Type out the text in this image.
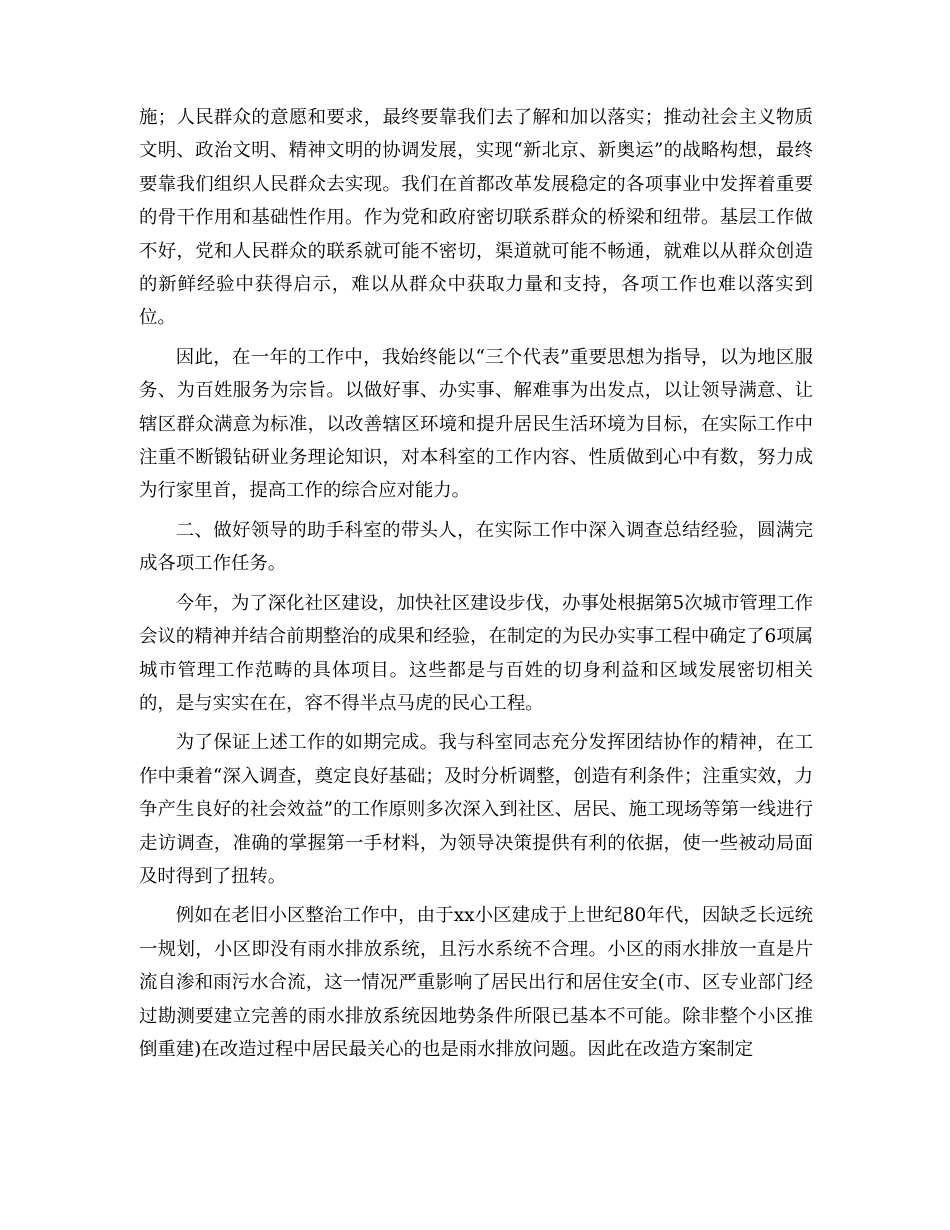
施；人民群众的意愿和要求，最终要靠我们去了解和加以落实；推动社会主义物质文明、政治文明、精神文明的协调发展，实现“新北京、新奥运”的战略构想，最终要靠我们组织人民群众去实现。我们在首都改革发展稳定的各项事业中发挥着重要的骨干作用和基础性作用。作为党和政府密切联系群众的桥梁和纽带。基层工作做不好，党和人民群众的联系就可能不密切，渠道就可能不畅通，就难以从群众创造的新鲜经验中获得启示，难以从群众中获取力量和支持，各项工作也难以落实到位。

因此，在一年的工作中，我始终能以“三个代表”重要思想为指导，以为地区服务、为百姓服务为宗旨。以做好事、办实事、解难事为出发点，以让领导满意、让辖区群众满意为标准，以改善辖区环境和提升居民生活环境为目标，在实际工作中注重不断锻钻研业务理论知识，对本科室的工作内容、性质做到心中有数，努力成为行家里首，提高工作的综合应对能力。

二、做好领导的助手科室的带头人，在实际工作中深入调查总结经验，圆满完成各项工作任务。

今年，为了深化社区建设，加快社区建设步伐，办事处根据第5次城市管理工作会议的精神并结合前期整治的成果和经验，在制定的为民办实事工程中确定了6项属城市管理工作范畴的具体项目。这些都是与百姓的切身利益和区域发展密切相关的，是与实实在在，容不得半点马虎的民心工程。

为了保证上述工作的如期完成。我与科室同志充分发挥团结协作的精神，在工作中秉着“深入调查，奠定良好基础；及时分析调整，创造有利条件；注重实效，力争产生良好的社会效益”的工作原则多次深入到社区、居民、施工现场等第一线进行走访调查，准确的掌握第一手材料，为领导决策提供有利的依据，使一些被动局面及时得到了扭转。

例如在老旧小区整治工作中，由于xx小区建成于上世纪80年代，因缺乏长远统一规划，小区即没有雨水排放系统，且污水系统不合理。小区的雨水排放一直是片流自渗和雨污水合流，这一情况严重影响了居民出行和居住安全(市、区专业部门经过勘测要建立完善的雨水排放系统因地势条件所限已基本不可能。除非整个小区推倒重建)在改造过程中居民最关心的也是雨水排放问题。因此在改造方案制定
